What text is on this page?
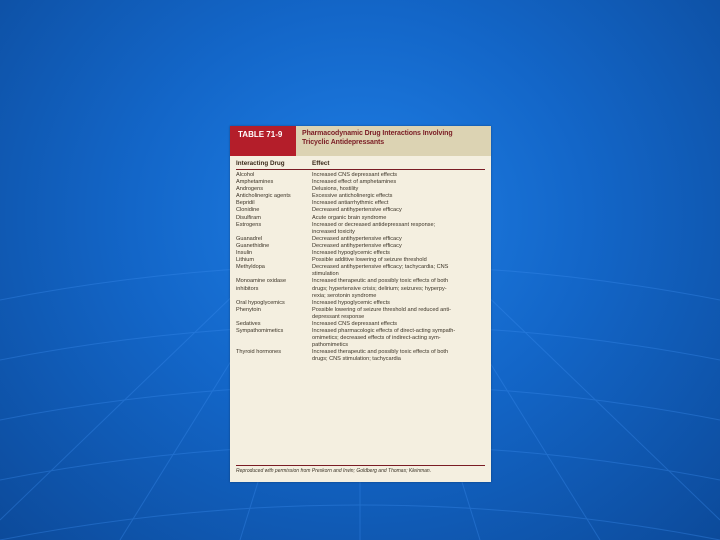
TABLE 71-9	Pharmacodynamic Drug Interactions Involving
Tricyclic Antidepressants
Interacting Drug	Effect
Alcohol	Increased CNS depressant effects
Amphetamines	Increased effect of amphetamines
Androgens	Delusions, hostility
Anticholinergic agents	Excessive anticholinergic effects
Bepridil	Increased antiarrhythmic effect
Clonidine	Decreased antihypertensive efficacy
Disulfiram	Acute organic brain syndrome
Estrogens	Increased or decreased antidepressant response;
increased toxicity
Guanadrel	Decreased antihypertensive efficacy
Guanethidine	Decreased antihypertensive efficacy
Insulin	Increased hypoglycemic effects
Lithium	Possible additive lowering of seizure threshold
Methyldopa	Decreased antihypertensive efficacy; tachycardia; CNS
stimulation
Monoamine oxidase	Increased therapeutic and possibly toxic effects of both
inhibitors	drugs; hypertensive crisis; delirium; seizures; hyperpy-
rexia; serotonin syndrome
Oral hypoglycemics	Increased hypoglycemic effects
Phenytoin	Possible lowering of seizure threshold and reduced anti-
depressant response
Sedatives	Increased CNS depressant effects
Sympathomimetics	Increased pharmacologic effects of direct-acting sympath-
omimetics; decreased effects of indirect-acting sym-
pathomimetics
Thyroid hormones	Increased therapeutic and possibly toxic effects of both
drugs; CNS stimulation; tachycardia
Reproduced with permission from Preskorn and Irwin; Goldberg and Thomas; Kleinman.
